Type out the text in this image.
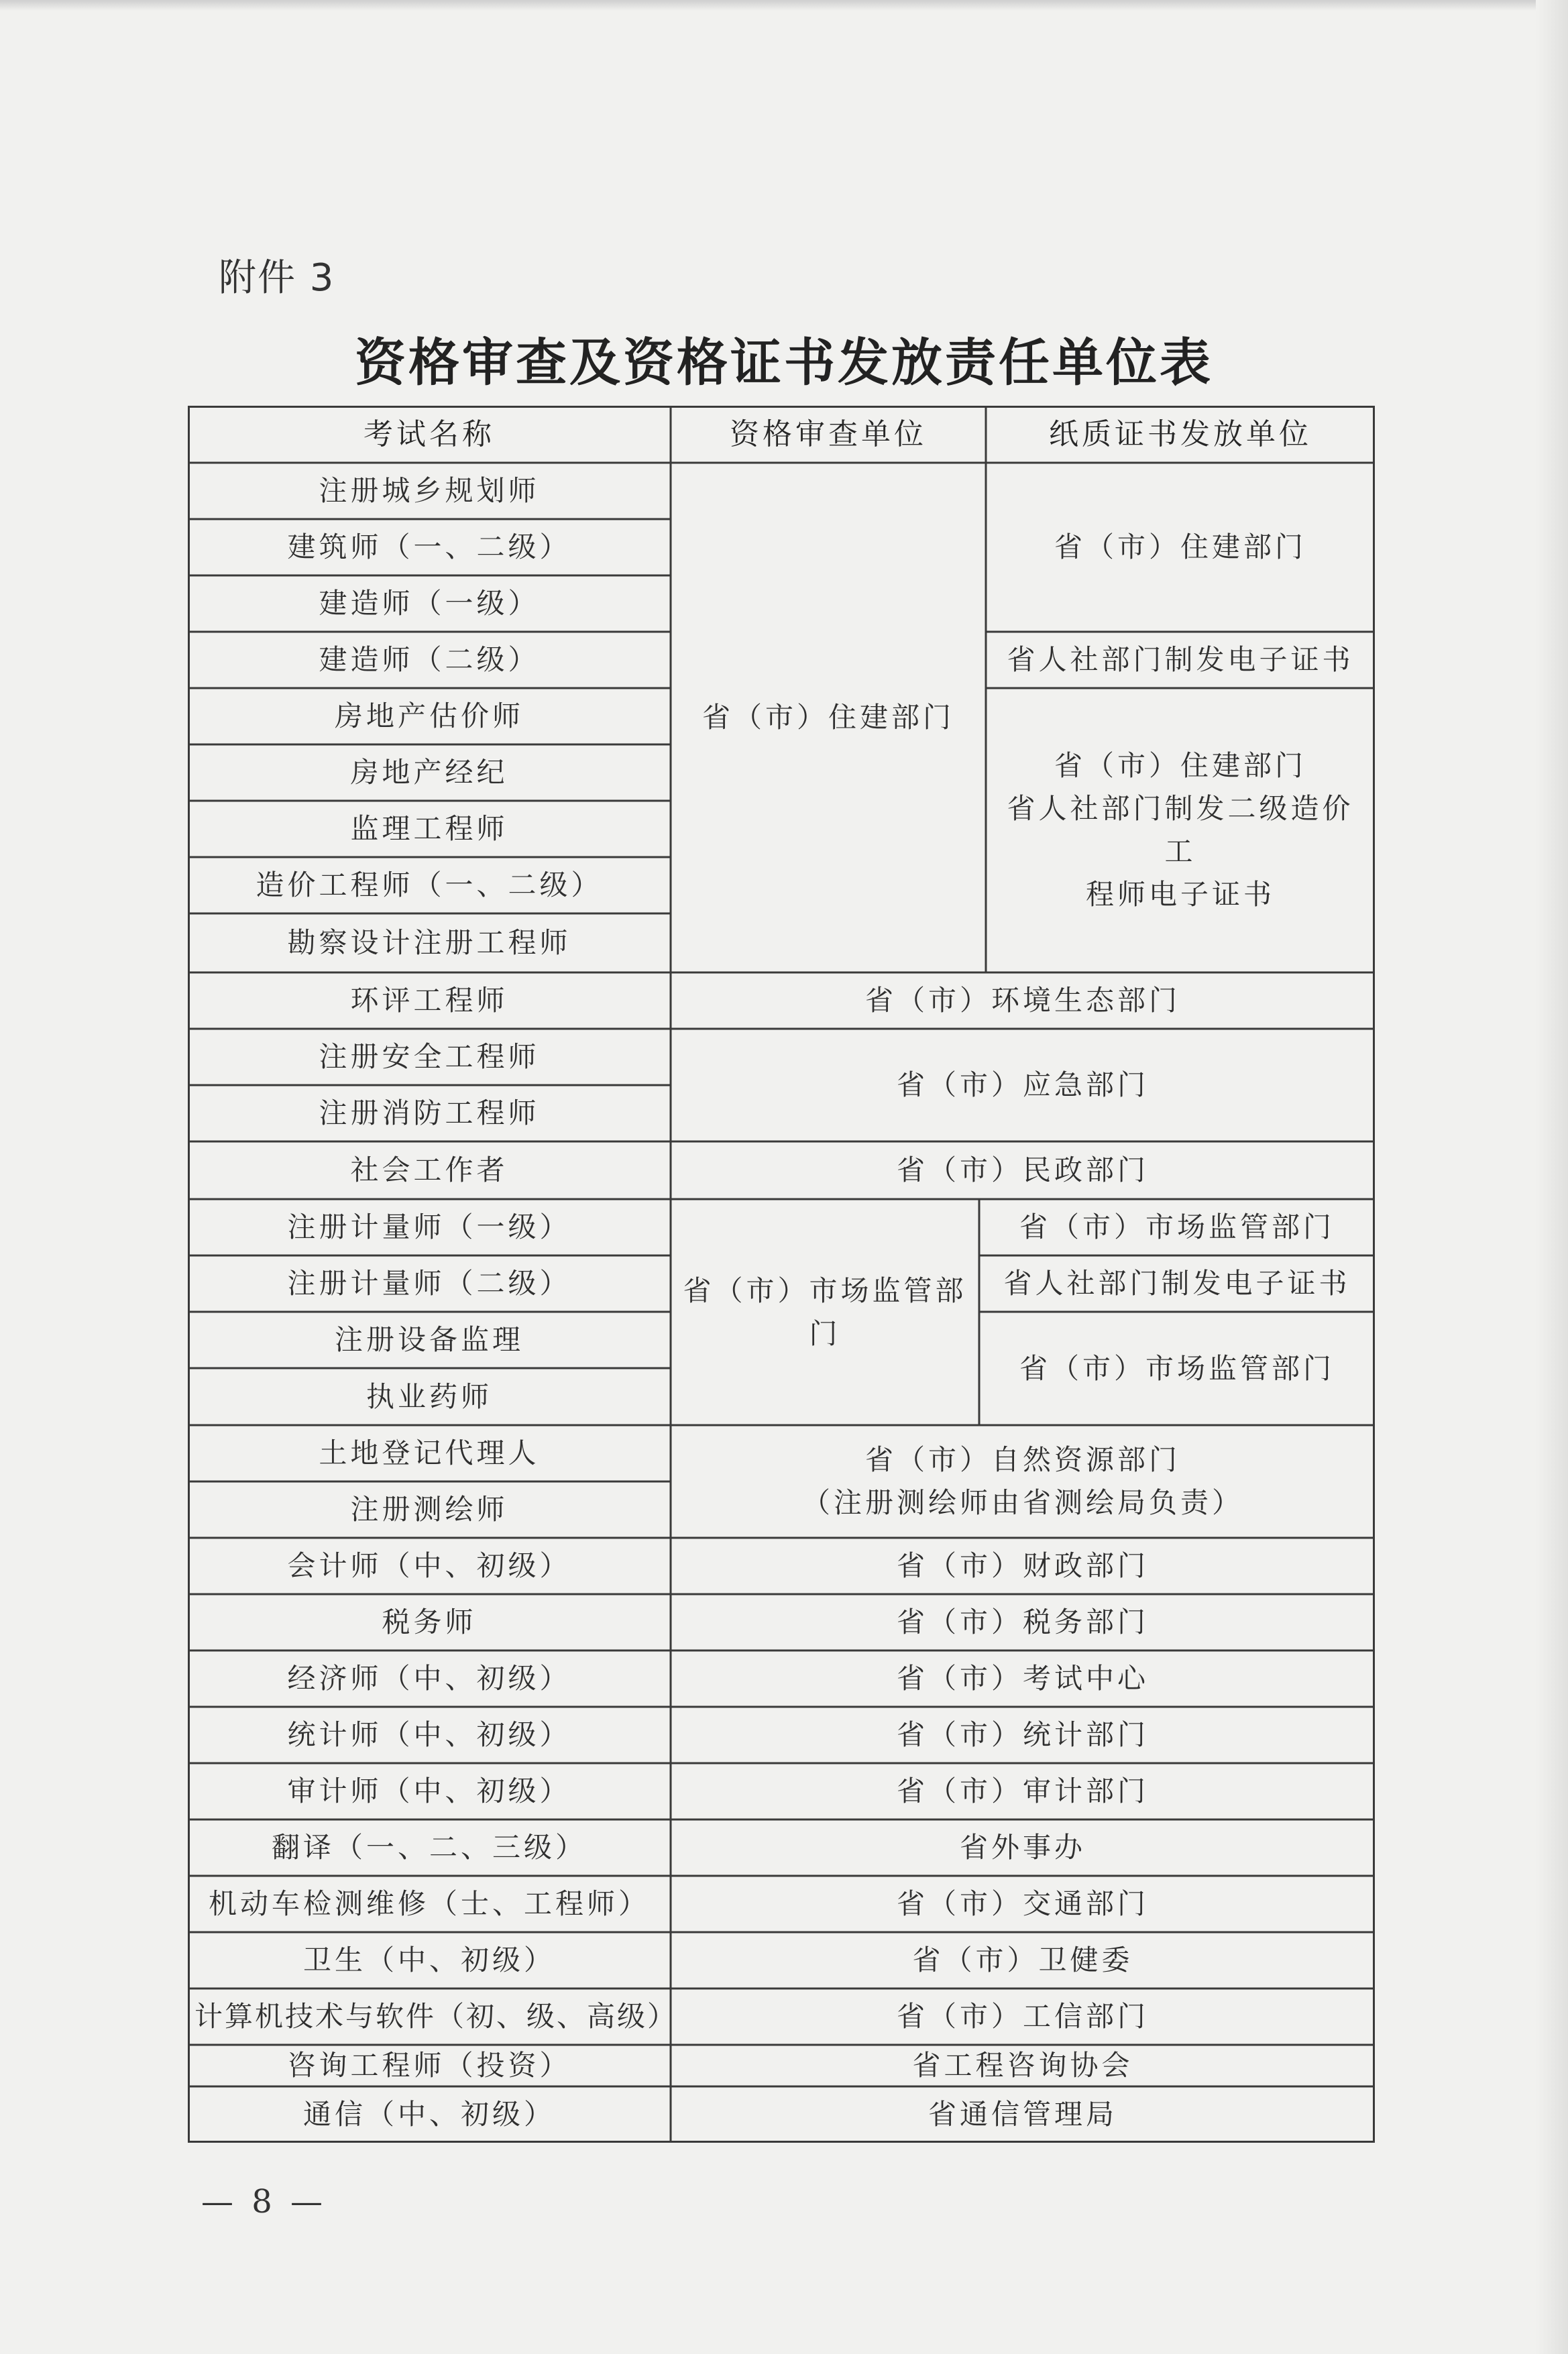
附件 3
资格审查及资格证书发放责任单位表
考试名称	资格审查单位	纸质证书发放单位
注册城乡规划师
建筑师（一、二级）
建造师（一级）
建造师（二级）
房地产估价师
房地产经纪
监理工程师
造价工程师（一、二级）
勘察设计注册工程师
环评工程师
注册安全工程师
注册消防工程师
社会工作者
注册计量师（一级）
注册计量师（二级）
注册设备监理
执业药师
土地登记代理人
注册测绘师
会计师（中、初级）
税务师
经济师（中、初级）
统计师（中、初级）
审计师（中、初级）
翻译（一、二、三级）
机动车检测维修（士、工程师）
卫生（中、初级）
计算机技术与软件（初、级、高级）
咨询工程师（投资）
通信（中、初级）
省（市）住建部门
省（市）住建部门
省人社部门制发电子证书
省（市）住建部门
省人社部门制发二级造价工
程师电子证书
省（市）环境生态部门
省（市）应急部门
省（市）民政部门
省（市）市场监管部门
省（市）市场监管部门
省人社部门制发电子证书
省（市）市场监管部门
省（市）自然资源部门
（注册测绘师由省测绘局负责）
省（市）财政部门
省（市）税务部门
省（市）考试中心
省（市）统计部门
省（市）审计部门
省外事办
省（市）交通部门
省（市）卫健委
省（市）工信部门
省工程咨询协会
省通信管理局
— 8 —
